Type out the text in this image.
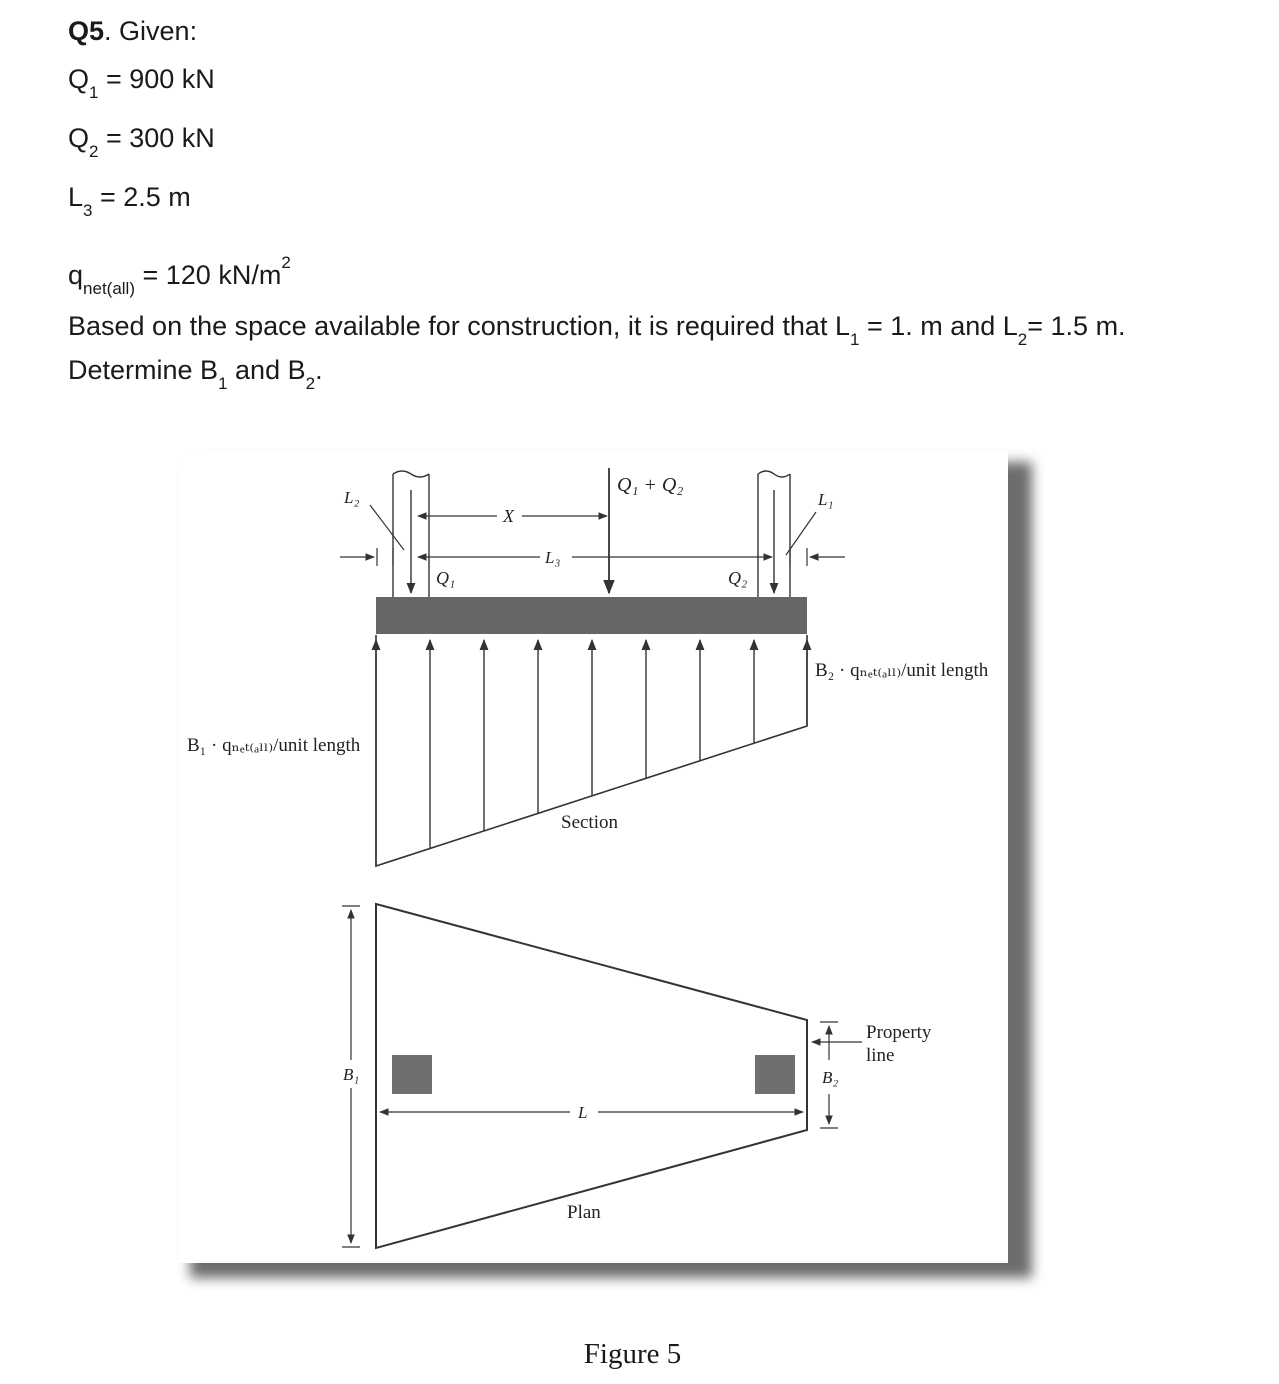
Q5. Given:
$Q_1 = 900$ kN
$Q_2 = 300$ kN
$L_3 = 2.5$ m
$q_{net(all)} = 120$ $kN/m^2$
Based on the space available for construction, it is required that $L_1 = 1$. m and $L_2= 1.5$ m.
Determine $B_1$ and $B_2$.
Q₁ + Q₂
X
L₁
L₂
L₃
Q₁	Q₂
B₂ · qₙₑₜ₍ₐₗₗ₎/unit length
B₁ · qₙₑₜ₍ₐₗₗ₎/unit length
Section
B₁	B₂
L
Plan
Property
line
Figure 5
